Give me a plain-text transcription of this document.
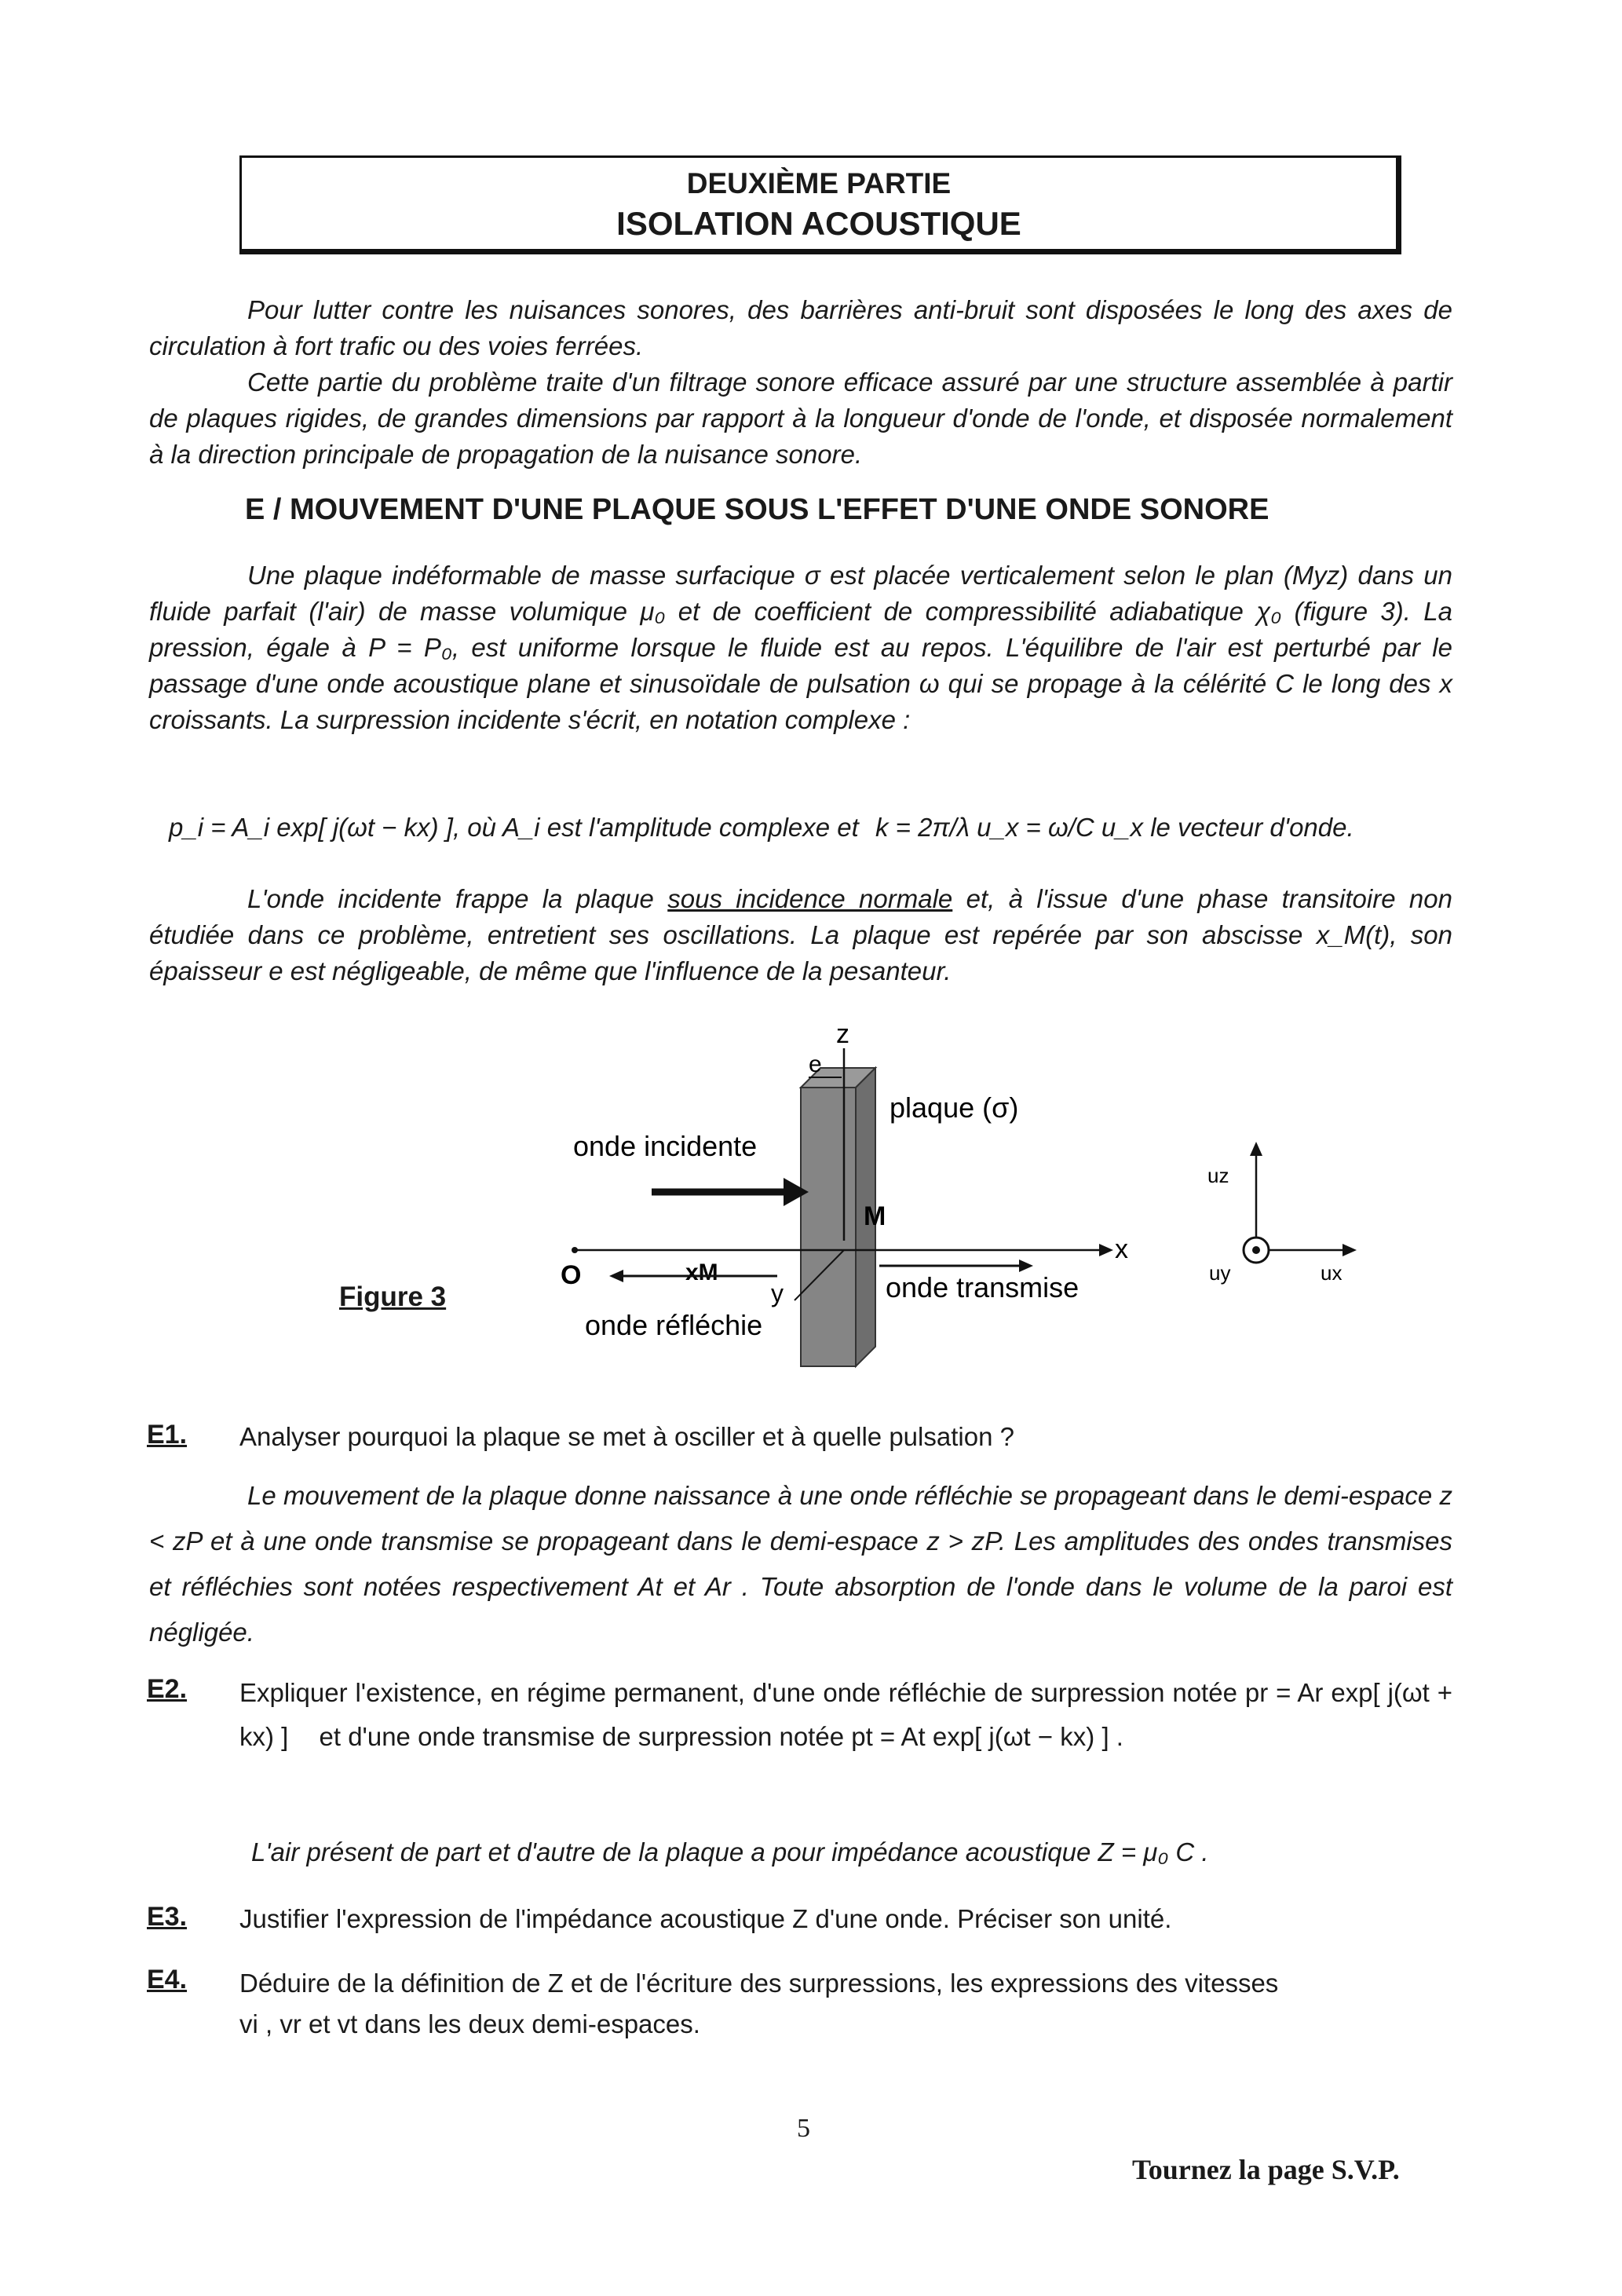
DEUXIÈME PARTIE
ISOLATION ACOUSTIQUE
Pour lutter contre les nuisances sonores, des barrières anti-bruit sont disposées le long des axes de circulation à fort trafic ou des voies ferrées.
Cette partie du problème traite d'un filtrage sonore efficace assuré par une structure assemblée à partir de plaques rigides, de grandes dimensions par rapport à la longueur d'onde de l'onde, et disposée normalement à la direction principale de propagation de la nuisance sonore.
E / MOUVEMENT D'UNE PLAQUE SOUS L'EFFET D'UNE ONDE SONORE
Une plaque indéformable de masse surfacique σ est placée verticalement selon le plan (Myz) dans un fluide parfait (l'air) de masse volumique μ₀ et de coefficient de compressibilité adiabatique χ₀ (figure 3). La pression, égale à P = P₀, est uniforme lorsque le fluide est au repos. L'équilibre de l'air est perturbé par le passage d'une onde acoustique plane et sinusoïdale de pulsation ω qui se propage à la célérité C le long des x croissants. La surpression incidente s'écrit, en notation complexe :
p_i = A_i exp[ j(ωt − kx) ], où A_i est l'amplitude complexe et k = 2π/λ u_x = ω/C u_x le vecteur d'onde.
L'onde incidente frappe la plaque sous incidence normale et, à l'issue d'une phase transitoire non étudiée dans ce problème, entretient ses oscillations. La plaque est repérée par son abscisse x_M(t), son épaisseur e est négligeable, de même que l'influence de la pesanteur.
z
e
plaque (σ)
onde incidente
M
x
O	xM
y
onde réfléchie
onde transmise
uz
uy	ux
Figure 3
E1. Analyser pourquoi la plaque se met à osciller et à quelle pulsation ?
Le mouvement de la plaque donne naissance à une onde réfléchie se propageant dans le demi-espace z < zP et à une onde transmise se propageant dans le demi-espace z > zP. Les amplitudes des ondes transmises et réfléchies sont notées respectivement At et Ar . Toute absorption de l'onde dans le volume de la paroi est négligée.
E2. Expliquer l'existence, en régime permanent, d'une onde réfléchie de surpression notée pr = Ar exp[ j(ωt + kx) ] et d'une onde transmise de surpression notée pt = At exp[ j(ωt − kx) ] .
L'air présent de part et d'autre de la plaque a pour impédance acoustique Z = μ₀ C .
E3. Justifier l'expression de l'impédance acoustique Z d'une onde. Préciser son unité.
E4. Déduire de la définition de Z et de l'écriture des surpressions, les expressions des vitesses
vi , vr et vt dans les deux demi-espaces.
5
Tournez la page S.V.P.
